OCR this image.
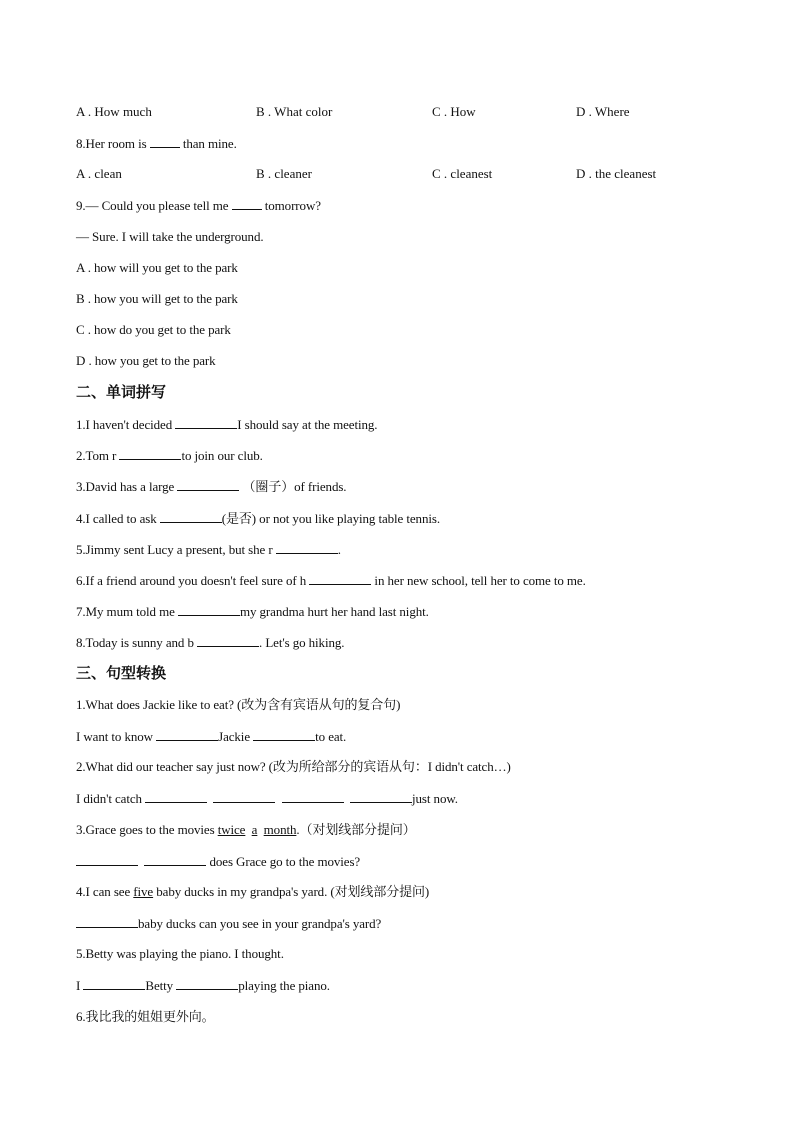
A . How much	B . What color	C . How	D . Where
8.Her room is  than mine.
A . clean	B . cleaner	C . cleanest	D . the cleanest
9.— Could you please tell me  tomorrow?
— Sure. I will take the underground.
A . how will you get to the park
B . how you will get to the park
C . how do you get to the park
D . how you get to the park
二、单词拼写
1.I haven't decided	I should say at the meeting.
2.Tom r	to join our club.
3.David has a large	（圈子）of friends.
4.I called to ask	(是否) or not you like playing table tennis.
5.Jimmy sent Lucy a present, but she r	.
6.If a friend around you doesn't feel sure of h	in her new school, tell her to come to me.
7.My mum told me	my grandma hurt her hand last night.
8.Today is sunny and b	. Let's go hiking.
三、句型转换
1.What does Jackie like to eat? (改为含有宾语从句的复合句)
I want to know	Jackie	to eat.
2.What did our teacher say just now? (改为所给部分的宾语从句：I didn't catch…)
I didn't catch	just now.
3.Grace goes to the movies twice a month.（对划线部分提问）
does Grace go to the movies?
4.I can see five baby ducks in my grandpa's yard. (对划线部分提问)
baby ducks can you see in your grandpa's yard?
5.Betty was playing the piano. I thought.
I	Betty	playing the piano.
6.我比我的姐姐更外向。
